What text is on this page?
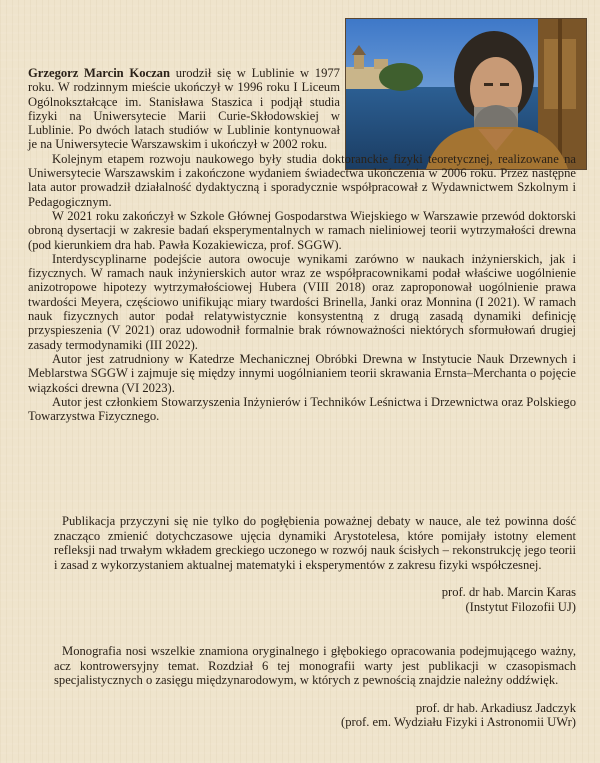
Grzegorz Marcin Koczan urodził się w Lublinie w 1977 roku. W rodzinnym mieście ukończył w 1996 roku I Liceum Ogólnokształcące im. Stanisława Staszica i podjął studia fizyki na Uniwersytecie Marii Curie-Skłodowskiej w Lublinie. Po dwóch latach studiów w Lublinie kontynuował je na Uniwersytecie Warszawskim i ukończył w 2002 roku.

Kolejnym etapem rozwoju naukowego były studia doktoranckie fizyki teoretycznej, realizowane na Uniwersytecie Warszawskim i zakończone wydaniem świadectwa ukończenia w 2006 roku. Przez następne lata autor prowadził działalność dydaktyczną i sporadycznie współpracował z Wydawnictwem Szkolnym i Pedagogicznym.

W 2021 roku zakończył w Szkole Głównej Gospodarstwa Wiejskiego w Warszawie przewód doktorski obroną dysertacji w zakresie badań eksperymentalnych w ramach nieliniowej teorii wytrzymałości drewna (pod kierunkiem dra hab. Pawła Kozakiewicza, prof. SGGW).

Interdyscyplinarne podejście autora owocuje wynikami zarówno w naukach inżynierskich, jak i fizycznych. W ramach nauk inżynierskich autor wraz ze współpracownikami podał właściwe uogólnienie anizotropowe hipotezy wytrzymałościowej Hubera (VIII 2018) oraz zaproponował uogólnienie prawa twardości Meyera, częściowo unifikując miary twardości Brinella, Janki oraz Monnina (I 2021). W ramach nauk fizycznych autor podał relatywistycznie konsystentną z drugą zasadą dynamiki definicję przyspieszenia (V 2021) oraz udowodnił formalnie brak równoważności niektórych sformułowań drugiej zasady termodynamiki (III 2022).

Autor jest zatrudniony w Katedrze Mechanicznej Obróbki Drewna w Instytucie Nauk Drzewnych i Meblarstwa SGGW i zajmuje się między innymi uogólnianiem teorii skrawania Ernsta–Merchanta o pojęcie wiązkości drewna (VI 2023).

Autor jest członkiem Stowarzyszenia Inżynierów i Techników Leśnictwa i Drzewnictwa oraz Polskiego Towarzystwa Fizycznego.

Publikacja przyczyni się nie tylko do pogłębienia poważnej debaty w nauce, ale też powinna dość znacząco zmienić dotychczasowe ujęcia dynamiki Arystotelesa, które pomijały istotny element refleksji nad trwałym wkładem greckiego uczonego w rozwój nauk ścisłych – rekonstrukcję jego teorii i zasad z wykorzystaniem aktualnej matematyki i eksperymentów z zakresu fizyki współczesnej.

prof. dr hab. Marcin Karas

(Instytut Filozofii UJ)

Monografia nosi wszelkie znamiona oryginalnego i głębokiego opracowania podejmującego ważny, acz kontrowersyjny temat. Rozdział 6 tej monografii warty jest publikacji w czasopismach specjalistycznych o zasięgu międzynarodowym, w których z pewnością znajdzie należny oddźwięk.

prof. dr hab. Arkadiusz Jadczyk

(prof. em. Wydziału Fizyki i Astronomii UWr)
